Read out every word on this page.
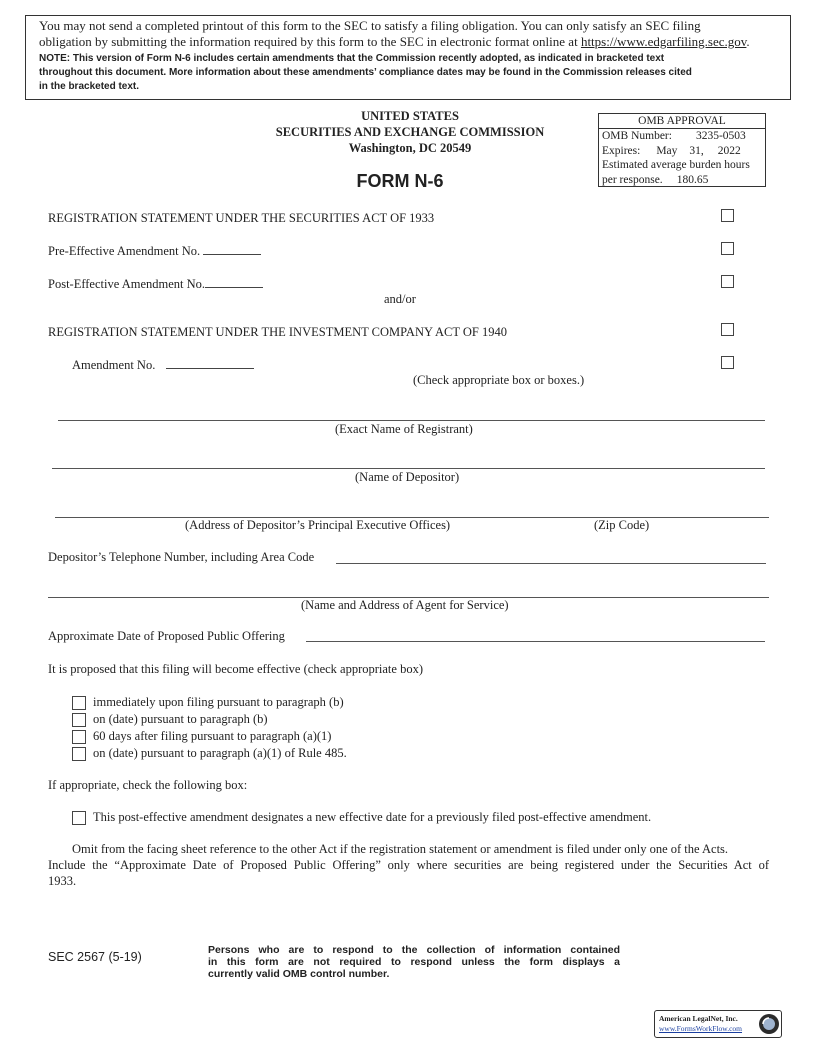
You may not send a completed printout of this form to the SEC to satisfy a filing obligation. You can only satisfy an SEC filing
obligation by submitting the information required by this form to the SEC in electronic format online at https://www.edgarfiling.sec.gov.
NOTE: This version of Form N-6 includes certain amendments that the Commission recently adopted, as indicated in bracketed text
throughout this document. More information about these amendments’ compliance dates may be found in the Commission releases cited
in the bracketed text.
UNITED STATES
SECURITIES AND EXCHANGE COMMISSION
Washington, DC 20549
FORM N-6
OMB APPROVAL
OMB Number: 3235-0503
Expires: May 31, 2022
Estimated average burden hours
per response. 180.65
REGISTRATION STATEMENT UNDER THE SECURITIES ACT OF 1933
Pre-Effective Amendment No.
Post-Effective Amendment No.
and/or
REGISTRATION STATEMENT UNDER THE INVESTMENT COMPANY ACT OF 1940
Amendment No.
(Check appropriate box or boxes.)
(Exact Name of Registrant)
(Name of Depositor)
(Address of Depositor’s Principal Executive Offices)	(Zip Code)
Depositor’s Telephone Number, including Area Code
(Name and Address of Agent for Service)
Approximate Date of Proposed Public Offering
It is proposed that this filing will become effective (check appropriate box)
immediately upon filing pursuant to paragraph (b)
on (date) pursuant to paragraph (b)
60 days after filing pursuant to paragraph (a)(1)
on (date) pursuant to paragraph (a)(1) of Rule 485.
If appropriate, check the following box:
This post-effective amendment designates a new effective date for a previously filed post-effective amendment.
Omit from the facing sheet reference to the other Act if the registration statement or amendment is filed under only one of the Acts.
Include the “Approximate Date of Proposed Public Offering” only where securities are being registered under the Securities Act of
1933.
SEC 2567 (5-19)	Persons who are to respond to the collection of information contained
in this form are not required to respond unless the form displays a
currently valid OMB control number.
American LegalNet, Inc.
www.FormsWorkFlow.com
